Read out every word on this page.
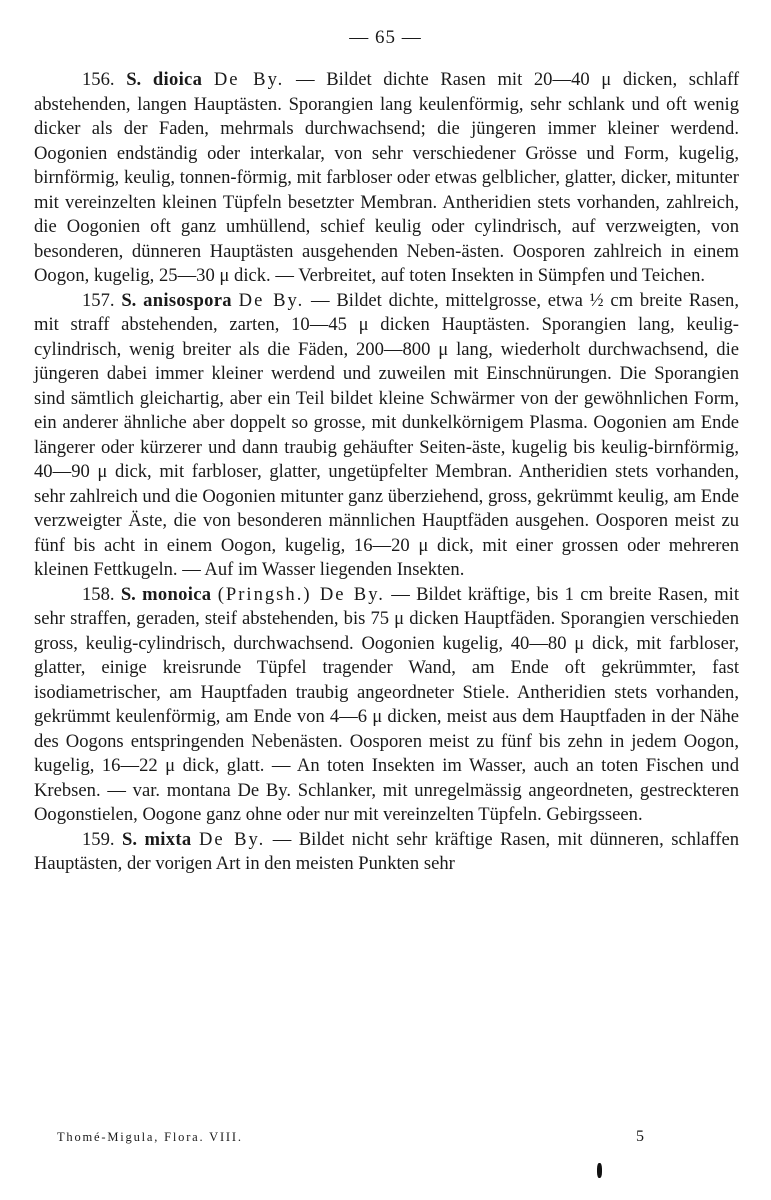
— 65 —

156. S. dioica De By. — Bildet dichte Rasen mit 20—40 μ dicken, schlaff abstehenden, langen Hauptästen. Sporangien lang keulenförmig, sehr schlank und oft wenig dicker als der Faden, mehrmals durchwachsend; die jüngeren immer kleiner werdend. Oogonien endständig oder interkalar, von sehr verschiedener Grösse und Form, kugelig, birnförmig, keulig, tonnen-förmig, mit farbloser oder etwas gelblicher, glatter, dicker, mitunter mit vereinzelten kleinen Tüpfeln besetzter Membran. Antheridien stets vorhanden, zahlreich, die Oogonien oft ganz umhüllend, schief keulig oder cylindrisch, auf verzweigten, von besonderen, dünneren Hauptästen ausgehenden Neben-ästen. Oosporen zahlreich in einem Oogon, kugelig, 25—30 μ dick. — Verbreitet, auf toten Insekten in Sümpfen und Teichen.

157. S. anisospora De By. — Bildet dichte, mittelgrosse, etwa ½ cm breite Rasen, mit straff abstehenden, zarten, 10—45 μ dicken Hauptästen. Sporangien lang, keulig-cylindrisch, wenig breiter als die Fäden, 200—800 μ lang, wiederholt durchwachsend, die jüngeren dabei immer kleiner werdend und zuweilen mit Einschnürungen. Die Sporangien sind sämtlich gleichartig, aber ein Teil bildet kleine Schwärmer von der gewöhnlichen Form, ein anderer ähnliche aber doppelt so grosse, mit dunkelkörnigem Plasma. Oogonien am Ende längerer oder kürzerer und dann traubig gehäufter Seiten-äste, kugelig bis keulig-birnförmig, 40—90 μ dick, mit farbloser, glatter, ungetüpfelter Membran. Antheridien stets vorhanden, sehr zahlreich und die Oogonien mitunter ganz überziehend, gross, gekrümmt keulig, am Ende verzweigter Äste, die von besonderen männlichen Hauptfäden ausgehen. Oosporen meist zu fünf bis acht in einem Oogon, kugelig, 16—20 μ dick, mit einer grossen oder mehreren kleinen Fettkugeln. — Auf im Wasser liegenden Insekten.

158. S. monoica (Pringsh.) De By. — Bildet kräftige, bis 1 cm breite Rasen, mit sehr straffen, geraden, steif abstehenden, bis 75 μ dicken Hauptfäden. Sporangien verschieden gross, keulig-cylindrisch, durchwachsend. Oogonien kugelig, 40—80 μ dick, mit farbloser, glatter, einige kreisrunde Tüpfel tragender Wand, am Ende oft gekrümmter, fast isodiametrischer, am Hauptfaden traubig angeordneter Stiele. Antheridien stets vorhanden, gekrümmt keulenförmig, am Ende von 4—6 μ dicken, meist aus dem Hauptfaden in der Nähe des Oogons entspringenden Nebenästen. Oosporen meist zu fünf bis zehn in jedem Oogon, kugelig, 16—22 μ dick, glatt. — An toten Insekten im Wasser, auch an toten Fischen und Krebsen. — var. montana De By. Schlanker, mit unregelmässig angeordneten, gestreckteren Oogonstielen, Oogone ganz ohne oder nur mit vereinzelten Tüpfeln. Gebirgsseen.

159. S. mixta De By. — Bildet nicht sehr kräftige Rasen, mit dünneren, schlaffen Hauptästen, der vorigen Art in den meisten Punkten sehr

Thomé-Migula, Flora. VIII.	5
